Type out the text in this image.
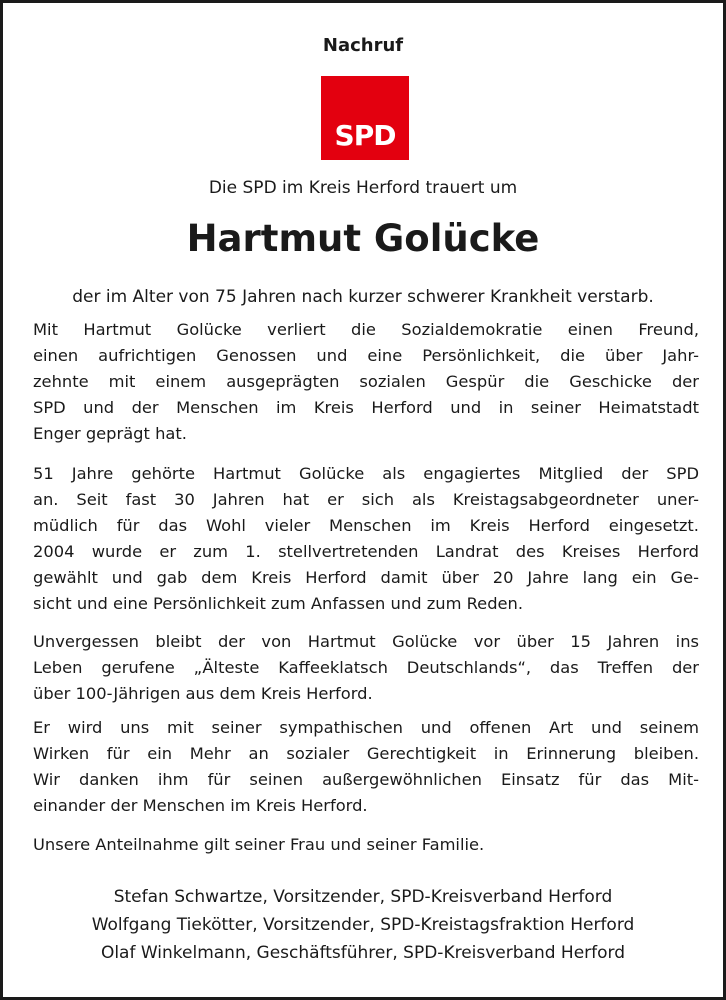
Nachruf
SPD
Die SPD im Kreis Herford trauert um
Hartmut Golücke
der im Alter von 75 Jahren nach kurzer schwerer Krankheit verstarb.
Mit Hartmut Golücke verliert die Sozialdemokratie einen Freund,
einen aufrichtigen Genossen und eine Persönlichkeit, die über Jahr-
zehnte mit einem ausgeprägten sozialen Gespür die Geschicke der
SPD und der Menschen im Kreis Herford und in seiner Heimatstadt
Enger geprägt hat.
51 Jahre gehörte Hartmut Golücke als engagiertes Mitglied der SPD
an. Seit fast 30 Jahren hat er sich als Kreistagsabgeordneter uner-
müdlich für das Wohl vieler Menschen im Kreis Herford eingesetzt.
2004 wurde er zum 1. stellvertretenden Landrat des Kreises Herford
gewählt und gab dem Kreis Herford damit über 20 Jahre lang ein Ge-
sicht und eine Persönlichkeit zum Anfassen und zum Reden.
Unvergessen bleibt der von Hartmut Golücke vor über 15 Jahren ins
Leben gerufene „Älteste Kaffeeklatsch Deutschlands“, das Treffen der
über 100-Jährigen aus dem Kreis Herford.
Er wird uns mit seiner sympathischen und offenen Art und seinem
Wirken für ein Mehr an sozialer Gerechtigkeit in Erinnerung bleiben.
Wir danken ihm für seinen außergewöhnlichen Einsatz für das Mit-
einander der Menschen im Kreis Herford.
Unsere Anteilnahme gilt seiner Frau und seiner Familie.
Stefan Schwartze, Vorsitzender, SPD-Kreisverband Herford
Wolfgang Tiekötter, Vorsitzender, SPD-Kreistagsfraktion Herford
Olaf Winkelmann, Geschäftsführer, SPD-Kreisverband Herford
